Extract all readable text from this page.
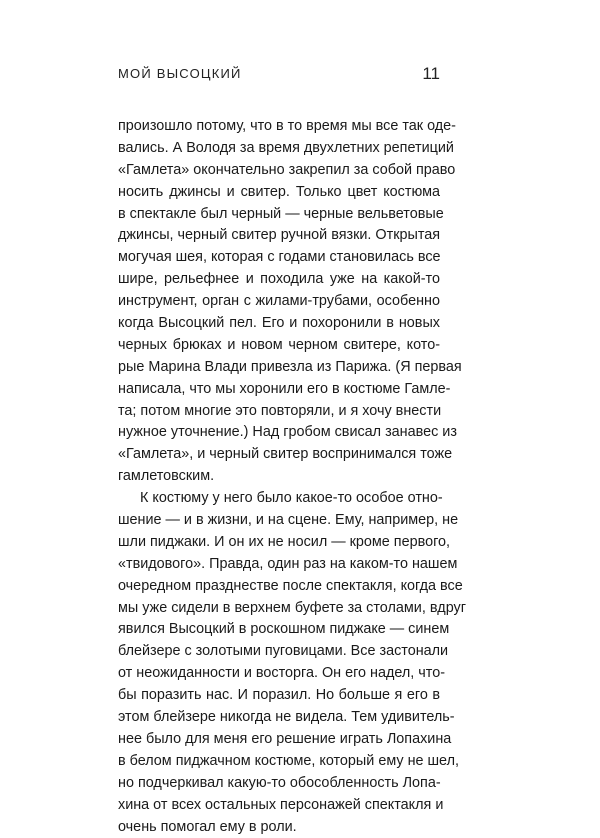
МОЙ ВЫСОЦКИЙ	11
произошло потому, что в то время мы все так оде-
вались. А Володя за время двухлетних репетиций
«Гамлета» окончательно закрепил за собой право
носить джинсы и свитер. Только цвет костюма
в спектакле был черный — черные вельветовые
джинсы, черный свитер ручной вязки. Открытая
могучая шея, которая с годами становилась все
шире, рельефнее и походила уже на какой-то
инструмент, орган с жилами-трубами, особенно
когда Высоцкий пел. Его и похоронили в новых
черных брюках и новом черном свитере, кото-
рые Марина Влади привезла из Парижа. (Я первая
написала, что мы хоронили его в костюме Гамле-
та; потом многие это повторяли, и я хочу внести
нужное уточнение.) Над гробом свисал занавес из
«Гамлета», и черный свитер воспринимался тоже
гамлетовским.
К костюму у него было какое-то особое отно-
шение — и в жизни, и на сцене. Ему, например, не
шли пиджаки. И он их не носил — кроме первого,
«твидового». Правда, один раз на каком-то нашем
очередном празднестве после спектакля, когда все
мы уже сидели в верхнем буфете за столами, вдруг
явился Высоцкий в роскошном пиджаке — синем
блейзере с золотыми пуговицами. Все застонали
от неожиданности и восторга. Он его надел, что-
бы поразить нас. И поразил. Но больше я его в
этом блейзере никогда не видела. Тем удивитель-
нее было для меня его решение играть Лопахина
в белом пиджачном костюме, который ему не шел,
но подчеркивал какую-то обособленность Лопа-
хина от всех остальных персонажей спектакля и
очень помогал ему в роли.
